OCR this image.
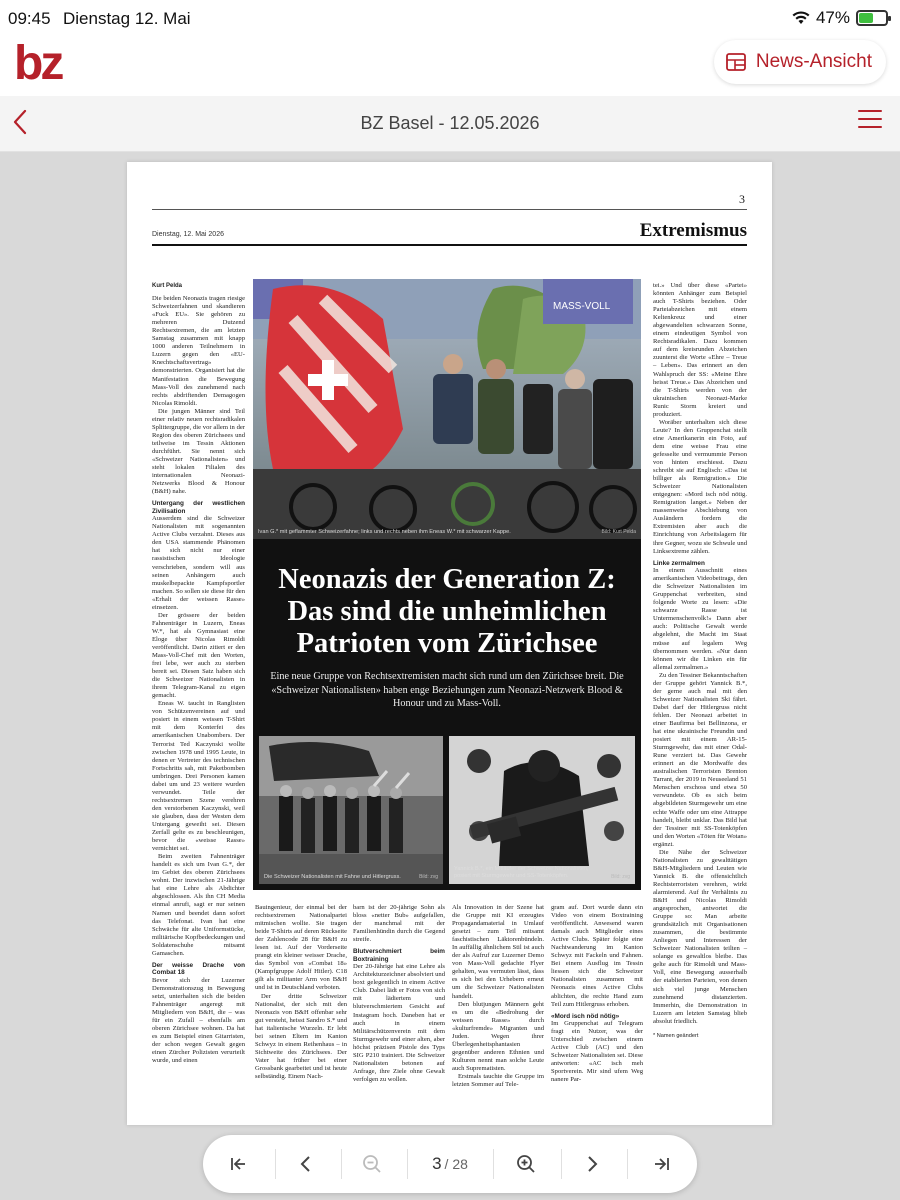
09:45 Dienstag 12. Mai	47%
bz	News-Ansicht
BZ Basel - 12.05.2026
3
Dienstag, 12. Mai 2026	Extremismus

Kurt Pelda

Die beiden Neonazis tragen riesige Schweizerfahnen und skandieren «Fuck EU». Sie gehören zu mehreren Dutzend Rechtsextremen, die am letzten Samstag zusammen mit knapp 1000 anderen Teilnehmern in Luzern gegen den «EU-Knechtschaftsvertrag» demonstrierten. Organisiert hat die Manifestation die Bewegung Mass-Voll des zunehmend nach rechts abdriftenden Demagogen Nicolas Rimoldi.

Die jungen Männer sind Teil einer relativ neuen rechtsradikalen Splittergruppe, die vor allem in der Region des oberen Zürichsees und teilweise im Tessin Aktionen durchführt. Sie nennt sich «Schweizer Nationalisten» und steht lokalen Filialen des internationalen Neonazi-Netzwerks Blood & Honour (B&H) nahe.

Untergang der westlichen Zivilisation

Ausserdem sind die Schweizer Nationalisten mit sogenannten Active Clubs verzahnt. Dieses aus den USA stammende Phänomen hat sich nicht nur einer rassistischen Ideologie verschrieben, sondern will aus seinen Anhängern auch muskelbepackte Kampfsportler machen. So sollen sie diese für den «Erhalt der weissen Rasse» einsetzen.

Der grössere der beiden Fahnenträger in Luzern, Eneas W.*, hat als Gymnasiast eine Eloge über Nicolas Rimoldi veröffentlicht. Darin zitiert er den Mass-Voll-Chef mit den Worten, frei lebe, wer auch zu sterben bereit sei. Diesen Satz haben sich die Schweizer Nationalisten in ihrem Telegram-Kanal zu eigen gemacht.

Eneas W. taucht in Ranglisten von Schützenvereinen auf und posiert in einem weissen T-Shirt mit dem Konterfei des amerikanischen Unabombers. Der Terrorist Ted Kaczynski wollte zwischen 1978 und 1995 Leute, in denen er Vertreter des technischen Fortschritts sah, mit Paketbomben umbringen. Drei Personen kamen dabei um und 23 weitere wurden verwundet. Teile der rechtsextremen Szene verehren den verstorbenen Kaczynski, weil sie glauben, dass der Westen dem Untergang geweiht sei. Diesen Zerfall gelte es zu beschleunigen, bevor die «weisse Rasse» vernichtet sei.

Beim zweiten Fahnenträger handelt es sich um Ivan G.*, der im Gebiet des oberen Zürichsees wohnt. Der inzwischen 21-Jährige hat eine Lehre als Abdichter abgeschlossen. Als ihn CH Media einmal anrufi, sagt er nur seinen Namen und beendet dann sofort das Telefonat. Ivan hat eine Schwäche für alte Uniformstücke, militärische Kopfbedeckungen und Soldatenschuhe mitsamt Gamaschen.

Der weisse Drache von Combat 18

Bevor sich der Luzerner Demonstrationszug in Bewegung setzt, unterhalten sich die beiden Fahnenträger angeregt mit Mitgliedern von B&H, die – was für ein Zufall – ebenfalls am oberen Zürichsee wohnen. Da hat es zum Beispiel einen Gitarristen, der schon wegen Gewalt gegen einen Zürcher Polizisten verurteilt wurde, und einen

MASS-VOLL
Ivan G.* mit geflammter Schweizerfahne; links und rechts neben ihm Eneas W.* mit schwarzer Kappe.	Bild: Kurt Pelda
Neonazis der Generation Z: Das sind die unheimlichen Patrioten vom Zürichsee
Eine neue Gruppe von Rechtsextremisten macht sich rund um den Zürichsee breit. Die «Schweizer Nationalisten» haben enge Beziehungen zum Neonazi-Netzwerk Blood & Honour und zu Mass-Voll.
Die Schweizer Nationalisten mit Fahne und Hitlergruss.	Bild: zvg
Yannick B.*, ein Mitläufer der Schweizer Nationalisten, posiert mit Sturmgewehr und SS-Totenköpfen.	Bild: zvg

Bauingenieur, der einmal bei der rechtsextremen Nationalpartei mitmischen wollte. Sie tragen beide T-Shirts auf deren Rückseite der Zahlencode 28 für B&H zu lesen ist. Auf der Vorderseite prangt ein kleiner weisser Drache, das Symbol von «Combat 18» (Kampfgruppe Adolf Hitler). C18 gilt als militanter Arm von B&H und ist in Deutschland verboten.

Der dritte Schweizer Nationalist, der sich mit den Neonazis von B&H offenbar sehr gut versteht, heisst Sandro S.* und hat italienische Wurzeln. Er lebt bei seinen Eltern im Kanton Schwyz in einem Reihenhaus – in Sichtweite des Zürichsees. Der Vater hat früher bei einer Grossbank gearbeitet und ist heute selbständig. Einem Nach-

barn ist der 20-jährige Sohn als bloss «netter Bub» aufgefallen, der manchmal mit der Familienhündin durch die Gegend streife.

Blutverschmiert beim Boxtraining

Der 20-Jährige hat eine Lehre als Architekturzeichner absolviert und boxt gelegentlich in einem Active Club. Dabei lädt er Fotos von sich mit lädiertem und blutverschmiertem Gesicht auf Instagram hoch. Daneben hat er auch in einem Militärschützenverein mit dem Sturmgewehr und einer alten, aber höchst präzisen Pistole des Typs SIG P210 trainiert. Die Schweizer Nationalisten betonen auf Anfrage, ihre Ziele ohne Gewalt verfolgen zu wollen.

Als Innovation in der Szene hat die Gruppe mit KI erzeugtes Propagandamaterial in Umlauf gesetzt – zum Teil mitsamt faschistischen Läktorenbündeln. In auffällig ähnlichem Stil ist auch der als Aufruf zur Luzerner Demo von Mass-Voll gedachte Flyer gehalten, was vermuten lässt, dass es sich bei den Urhebern erneut um die Schweizer Nationalisten handelt.

Den blutjungen Männern geht es um die «Bedrohung der weissen Rasse» durch «kulturfremde» Migranten und Juden. Wegen ihrer Überlegenheitsphantasien gegenüber anderen Ethnien und Kulturen nennt man solche Leute auch Suprematisten.

Erstmals tauchte die Gruppe im letzten Sommer auf Tele-

gram auf. Dort wurde dann ein Video von einem Boxtraining veröffentlicht. Anwesend waren damals auch Mitglieder eines Active Clubs. Später folgte eine Nachtwanderung im Kanton Schwyz mit Fackeln und Fahnen. Bei einem Ausflug im Tessin liessen sich die Schweizer Nationalisten zusammen mit Neonazis eines Active Clubs ablichten, die rechte Hand zum Teil zum Hitlergruss erhoben.

«Mord isch nöd nötig»

Im Gruppenchat auf Telegram fragt ein Nutzer, was der Unterschied zwischen einem Active Club (AC) und den Schweizer Nationalisten sei. Diese antworten: «AC isch meh Sportverein. Mir sind ufem Weg nanere Par-

tei.» Und über diese «Partei» könnten Anhänger zum Beispiel auch T-Shirts beziehen. Oder Parteiabzeichen mit einem Keltenkreuz und einer abgewandelten schwarzen Sonne, einem eindeutigen Symbol von Rechtsradikalen. Dazu kommen auf dem kreisrunden Abzeichen zuunterst die Worte «Ehre – Treue – Leben». Das erinnert an den Wahlspruch der SS: «Meine Ehre heisst Treue.» Das Abzeichen und die T-Shirts werden von der ukrainischen Neonazi-Marke Runic Storm kreiert und produziert.

Woräber unterhalten sich diese Leute? In den Gruppenchat stellt eine Amerikanerin ein Foto, auf dem eine weisse Frau eine gefesselte und vermummte Person von hinten erschiesst. Dazu schreibt sie auf Englisch: «Das ist billiger als Remigration.» Die Schweizer Nationalisten entgegnen: «Mord isch nöd nötig. Remigration langet.» Neben der massenweise Abschiebung von Ausländern fordern die Extremisten aber auch die Einrichtung von Arbeitslagern für ihre Gegner, wozu sie Schwule und Linksextreme zählen.

Linke zermalmen

In einem Ausschnitt eines amerikanischen Videobeitrags, den die Schweizer Nationalisten im Gruppenchat verbreiten, sind folgende Worte zu lesen: «Die schwarze Rasse ist Untermenschenvolk!» Dann aber auch: Politische Gewalt werde abgelehnt, die Macht im Staat müsse auf legalem Weg übernommen werden. «Nur dann können wir die Linken ein für allemal zermalmen.»

Zu den Tessiner Bekanntschaften der Gruppe gehört Yannick B.*, der gerne auch mal mit den Schweizer Nationalisten Ski fährt. Dabei darf der Hitlergruss nicht fehlen. Der Neonazi arbeitet in einer Baufirma bei Bellinzona, er hat eine ukrainische Freundin und posiert mit einem AR-15-Sturmgewehr, das mit einer Odal-Rune verziert ist. Das Gewehr erinnert an die Mordwaffe des australischen Terroristen Brenton Tarrant, der 2019 in Neuseeland 51 Menschen erschoss und etwa 50 verwundete. Ob es sich beim abgebildeten Sturmgewehr um eine echte Waffe oder um eine Attrappe handelt, bleibt unklar. Das Bild hat der Tessiner mit SS-Totenköpfen und den Worten «Töten für Wotan» ergänzt.

Die Nähe der Schweizer Nationalisten zu gewalttätigen B&H-Mitgliedern und Leuten wie Yannick B. die offensichtlich Rechtsterroristen verehren, wirkt alarmierend. Auf ihr Verhältnis zu B&H und Nicolas Rimoldi angesprochen, antwortet die Gruppe so: Man arbeite grundsätzlich mit Organisationen zusammen, die bestimmte Anliegen und Interessen der Schweizer Nationalisten teilten – solange es gewaltlos bleibe. Das gelte auch für Rimoldi und Mass-Voll, eine Bewegung ausserhalb der etablierten Parteien, von denen sich viel junge Menschen zunehmend distanzierten. Immerhin, die Demonstration in Luzern am letzten Samstag blieb absolut friedlich.

* Namen geändert

3 / 28
